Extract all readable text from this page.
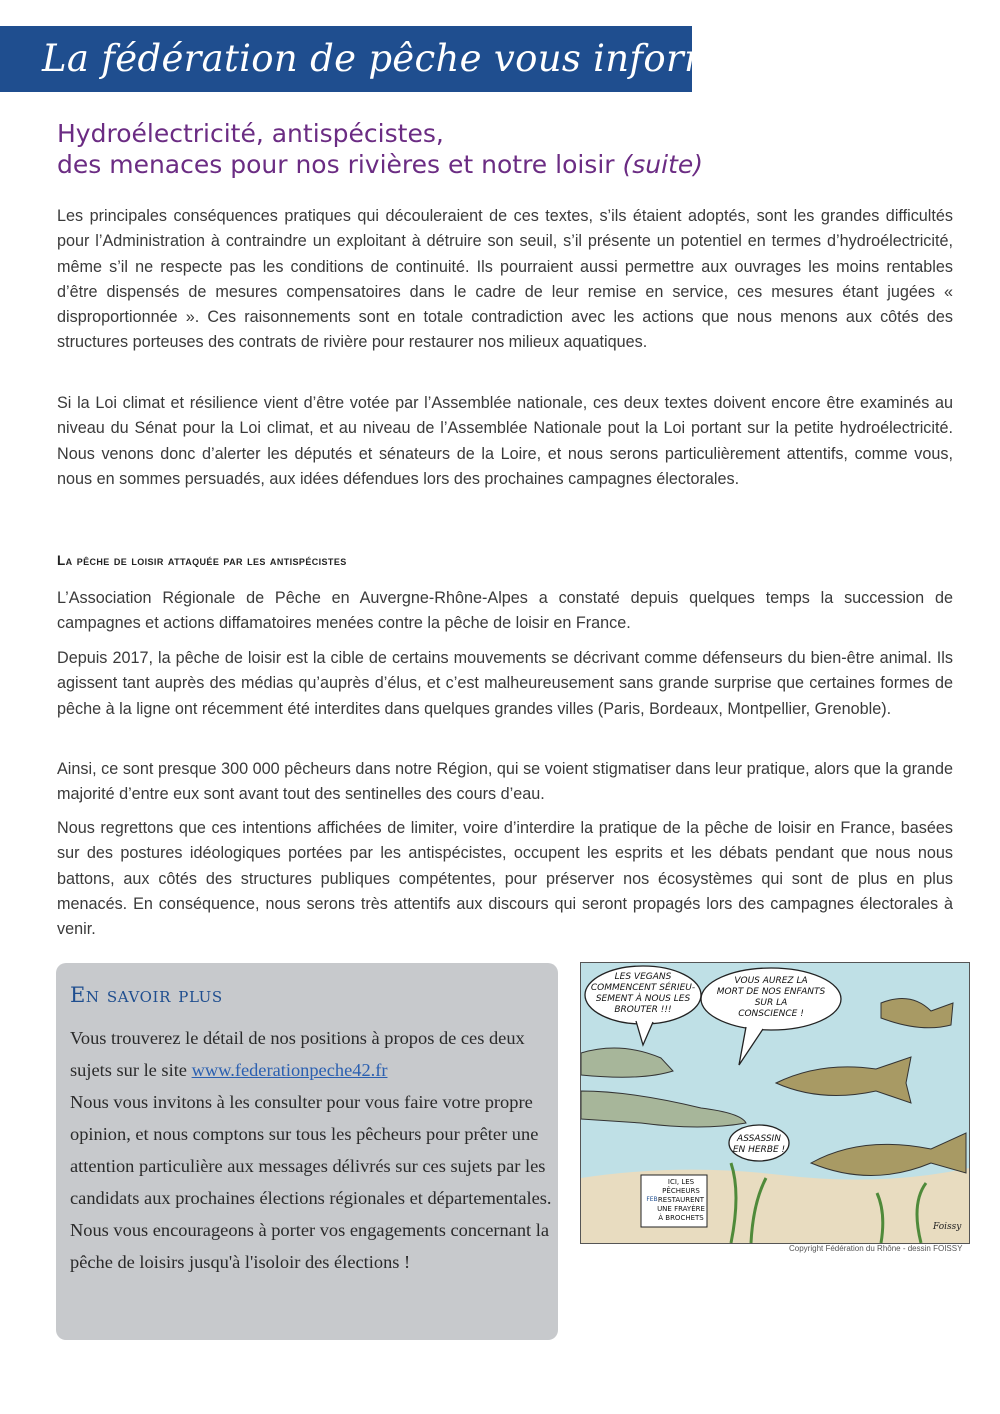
La fédération de pêche vous informe
Hydroélectricité, antispécistes,
des menaces pour nos rivières et notre loisir (suite)

Les principales conséquences pratiques qui découleraient de ces textes, s’ils étaient adoptés, sont les grandes difficultés pour l’Administration à contraindre un exploitant à détruire son seuil, s’il présente un potentiel en termes d’hydroélectricité, même s’il ne respecte pas les conditions de continuité. Ils pourraient aussi permettre aux ouvrages les moins rentables d’être dispensés de mesures compensatoires dans le cadre de leur remise en service, ces mesures étant jugées « disproportionnée ». Ces raisonnements sont en totale contradiction avec les actions que nous menons aux côtés des structures porteuses des contrats de rivière pour restaurer nos milieux aquatiques.

Si la Loi climat et résilience vient d’être votée par l’Assemblée nationale, ces deux textes doivent encore être examinés au niveau du Sénat pour la Loi climat, et au niveau de l’Assemblée Nationale pout la Loi portant sur la petite hydroélectricité. Nous venons donc d’alerter les députés et sénateurs de la Loire, et nous serons particulièrement attentifs, comme vous, nous en sommes persuadés, aux idées défendues lors des prochaines campagnes électorales.

La pêche de loisir attaquée par les antispécistes

L’Association Régionale de Pêche en Auvergne-Rhône-Alpes a constaté depuis quelques temps la succession de campagnes et actions diffamatoires menées contre la pêche de loisir en France.

Depuis 2017, la pêche de loisir est la cible de certains mouvements se décrivant comme défenseurs du bien-être animal. Ils agissent tant auprès des médias qu’auprès d’élus, et c’est malheureusement sans grande surprise que certaines formes de pêche à la ligne ont récemment été interdites dans quelques grandes villes (Paris, Bordeaux, Montpellier, Grenoble).

Ainsi, ce sont presque 300 000 pêcheurs dans notre Région, qui se voient stigmatiser dans leur pratique, alors que la grande majorité d’entre eux sont avant tout des sentinelles des cours d’eau.

Nous regrettons que ces intentions affichées de limiter, voire d’interdire la pratique de la pêche de loisir en France, basées sur des postures idéologiques portées par les antispécistes, occupent les esprits et les débats pendant que nous nous battons, aux côtés des structures publiques compétentes, pour préserver nos écosystèmes qui sont de plus en plus menacés. En conséquence, nous serons très attentifs aux discours qui seront propagés lors des campagnes électorales à venir.

En savoir plus

Vous trouverez le détail de nos positions à propos de ces deux sujets sur le site www.federationpeche42.fr

Nous vous invitons à les consulter pour vous faire votre propre opinion, et nous comptons sur tous les pêcheurs pour prêter une attention particulière aux messages délivrés sur ces sujets par les candidats aux prochaines élections régionales et départementales.

Nous vous encourageons à porter vos engagements concernant la pêche de loisirs jusqu'à l'isoloir des élections !

LES VEGANS
COMMENCENT SÉRIEU-
SEMENT À NOUS LES
BROUTER !!!
VOUS AUREZ LA
MORT DE NOS ENFANTS
SUR LA
CONSCIENCE !
ASSASSIN
EN HERBE !
ICI, LES
PÊCHEURS
RESTAURENT
UNE FRAYÈRE
À BROCHETS
FEB
Foissy

Copyright Fédération du Rhône - dessin FOISSY
